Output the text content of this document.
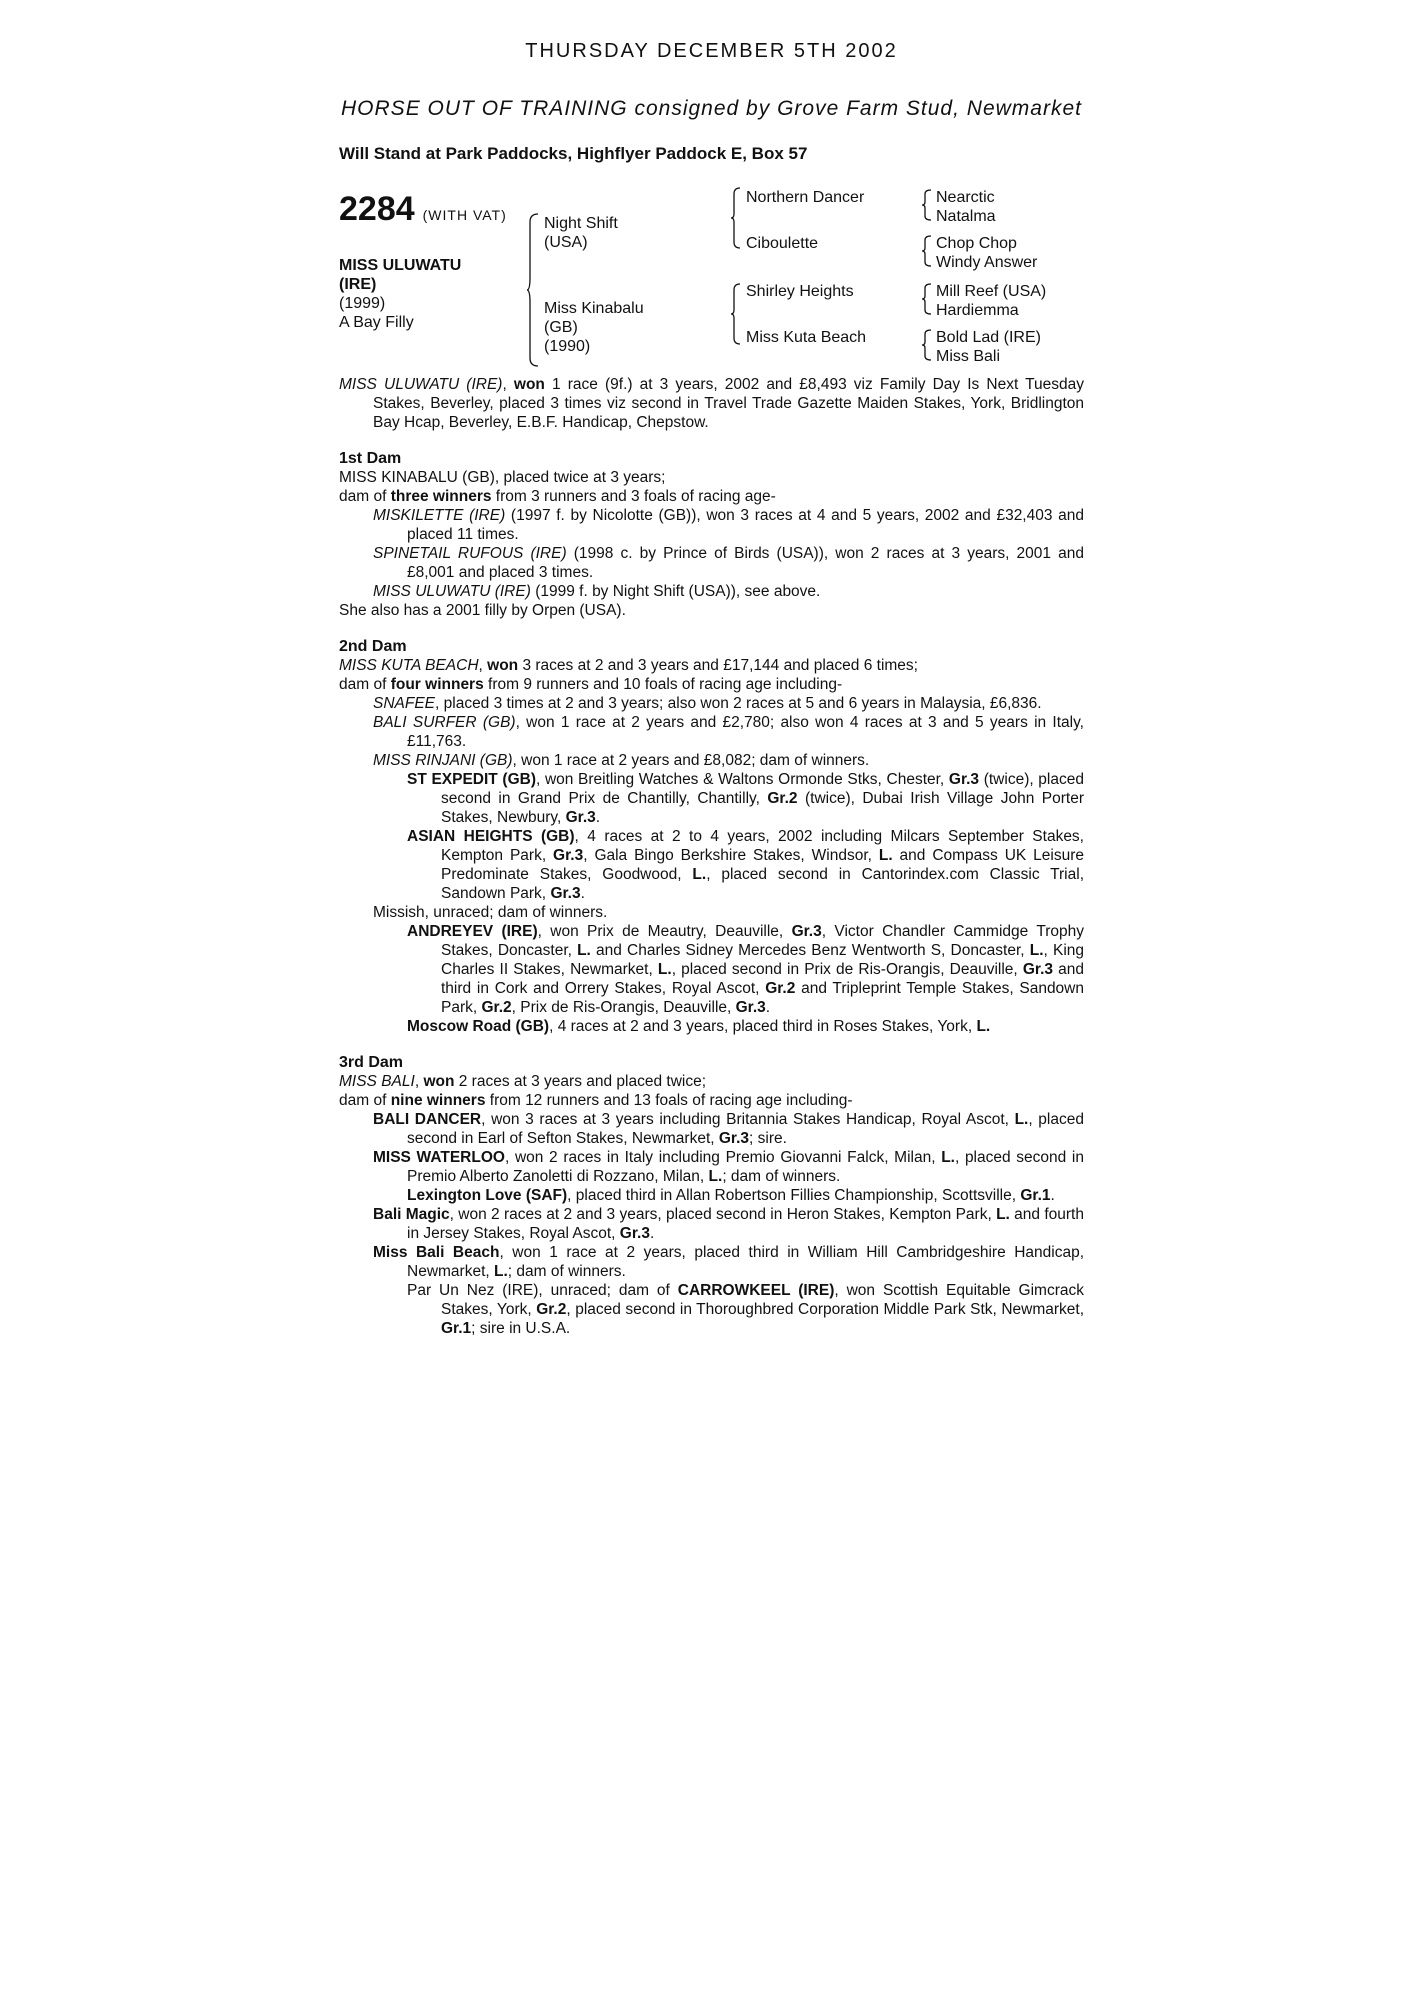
THURSDAY DECEMBER 5TH 2002
HORSE OUT OF TRAINING consigned by Grove Farm Stud, Newmarket
Will Stand at Park Paddocks, Highflyer Paddock E, Box 57
2284 (WITH VAT)
MISS ULUWATU
(IRE)
(1999)
A Bay Filly
Night Shift
(USA)
Miss Kinabalu
(GB)
(1990)
Northern Dancer
Ciboulette
Shirley Heights
Miss Kuta Beach
Nearctic
Natalma
Chop Chop
Windy Answer
Mill Reef (USA)
Hardiemma
Bold Lad (IRE)
Miss Bali

MISS ULUWATU (IRE), won 1 race (9f.) at 3 years, 2002 and £8,493 viz Family Day Is Next Tuesday Stakes, Beverley, placed 3 times viz second in Travel Trade Gazette Maiden Stakes, York, Bridlington Bay Hcap, Beverley, E.B.F. Handicap, Chepstow.

1st Dam

MISS KINABALU (GB), placed twice at 3 years;

dam of three winners from 3 runners and 3 foals of racing age-

MISKILETTE (IRE) (1997 f. by Nicolotte (GB)), won 3 races at 4 and 5 years, 2002 and £32,403 and placed 11 times.

SPINETAIL RUFOUS (IRE) (1998 c. by Prince of Birds (USA)), won 2 races at 3 years, 2001 and £8,001 and placed 3 times.

MISS ULUWATU (IRE) (1999 f. by Night Shift (USA)), see above.

She also has a 2001 filly by Orpen (USA).

2nd Dam

MISS KUTA BEACH, won 3 races at 2 and 3 years and £17,144 and placed 6 times;

dam of four winners from 9 runners and 10 foals of racing age including-

SNAFEE, placed 3 times at 2 and 3 years; also won 2 races at 5 and 6 years in Malaysia, £6,836.

BALI SURFER (GB), won 1 race at 2 years and £2,780; also won 4 races at 3 and 5 years in Italy, £11,763.

MISS RINJANI (GB), won 1 race at 2 years and £8,082; dam of winners.

ST EXPEDIT (GB), won Breitling Watches & Waltons Ormonde Stks, Chester, Gr.3 (twice), placed second in Grand Prix de Chantilly, Chantilly, Gr.2 (twice), Dubai Irish Village John Porter Stakes, Newbury, Gr.3.

ASIAN HEIGHTS (GB), 4 races at 2 to 4 years, 2002 including Milcars September Stakes, Kempton Park, Gr.3, Gala Bingo Berkshire Stakes, Windsor, L. and Compass UK Leisure Predominate Stakes, Goodwood, L., placed second in Cantorindex.com Classic Trial, Sandown Park, Gr.3.

Missish, unraced; dam of winners.

ANDREYEV (IRE), won Prix de Meautry, Deauville, Gr.3, Victor Chandler Cammidge Trophy Stakes, Doncaster, L. and Charles Sidney Mercedes Benz Wentworth S, Doncaster, L., King Charles II Stakes, Newmarket, L., placed second in Prix de Ris-Orangis, Deauville, Gr.3 and third in Cork and Orrery Stakes, Royal Ascot, Gr.2 and Tripleprint Temple Stakes, Sandown Park, Gr.2, Prix de Ris-Orangis, Deauville, Gr.3.

Moscow Road (GB), 4 races at 2 and 3 years, placed third in Roses Stakes, York, L.

3rd Dam

MISS BALI, won 2 races at 3 years and placed twice;

dam of nine winners from 12 runners and 13 foals of racing age including-

BALI DANCER, won 3 races at 3 years including Britannia Stakes Handicap, Royal Ascot, L., placed second in Earl of Sefton Stakes, Newmarket, Gr.3; sire.

MISS WATERLOO, won 2 races in Italy including Premio Giovanni Falck, Milan, L., placed second in Premio Alberto Zanoletti di Rozzano, Milan, L.; dam of winners.

Lexington Love (SAF), placed third in Allan Robertson Fillies Championship, Scottsville, Gr.1.

Bali Magic, won 2 races at 2 and 3 years, placed second in Heron Stakes, Kempton Park, L. and fourth in Jersey Stakes, Royal Ascot, Gr.3.

Miss Bali Beach, won 1 race at 2 years, placed third in William Hill Cambridgeshire Handicap, Newmarket, L.; dam of winners.

Par Un Nez (IRE), unraced; dam of CARROWKEEL (IRE), won Scottish Equitable Gimcrack Stakes, York, Gr.2, placed second in Thoroughbred Corporation Middle Park Stk, Newmarket, Gr.1; sire in U.S.A.
